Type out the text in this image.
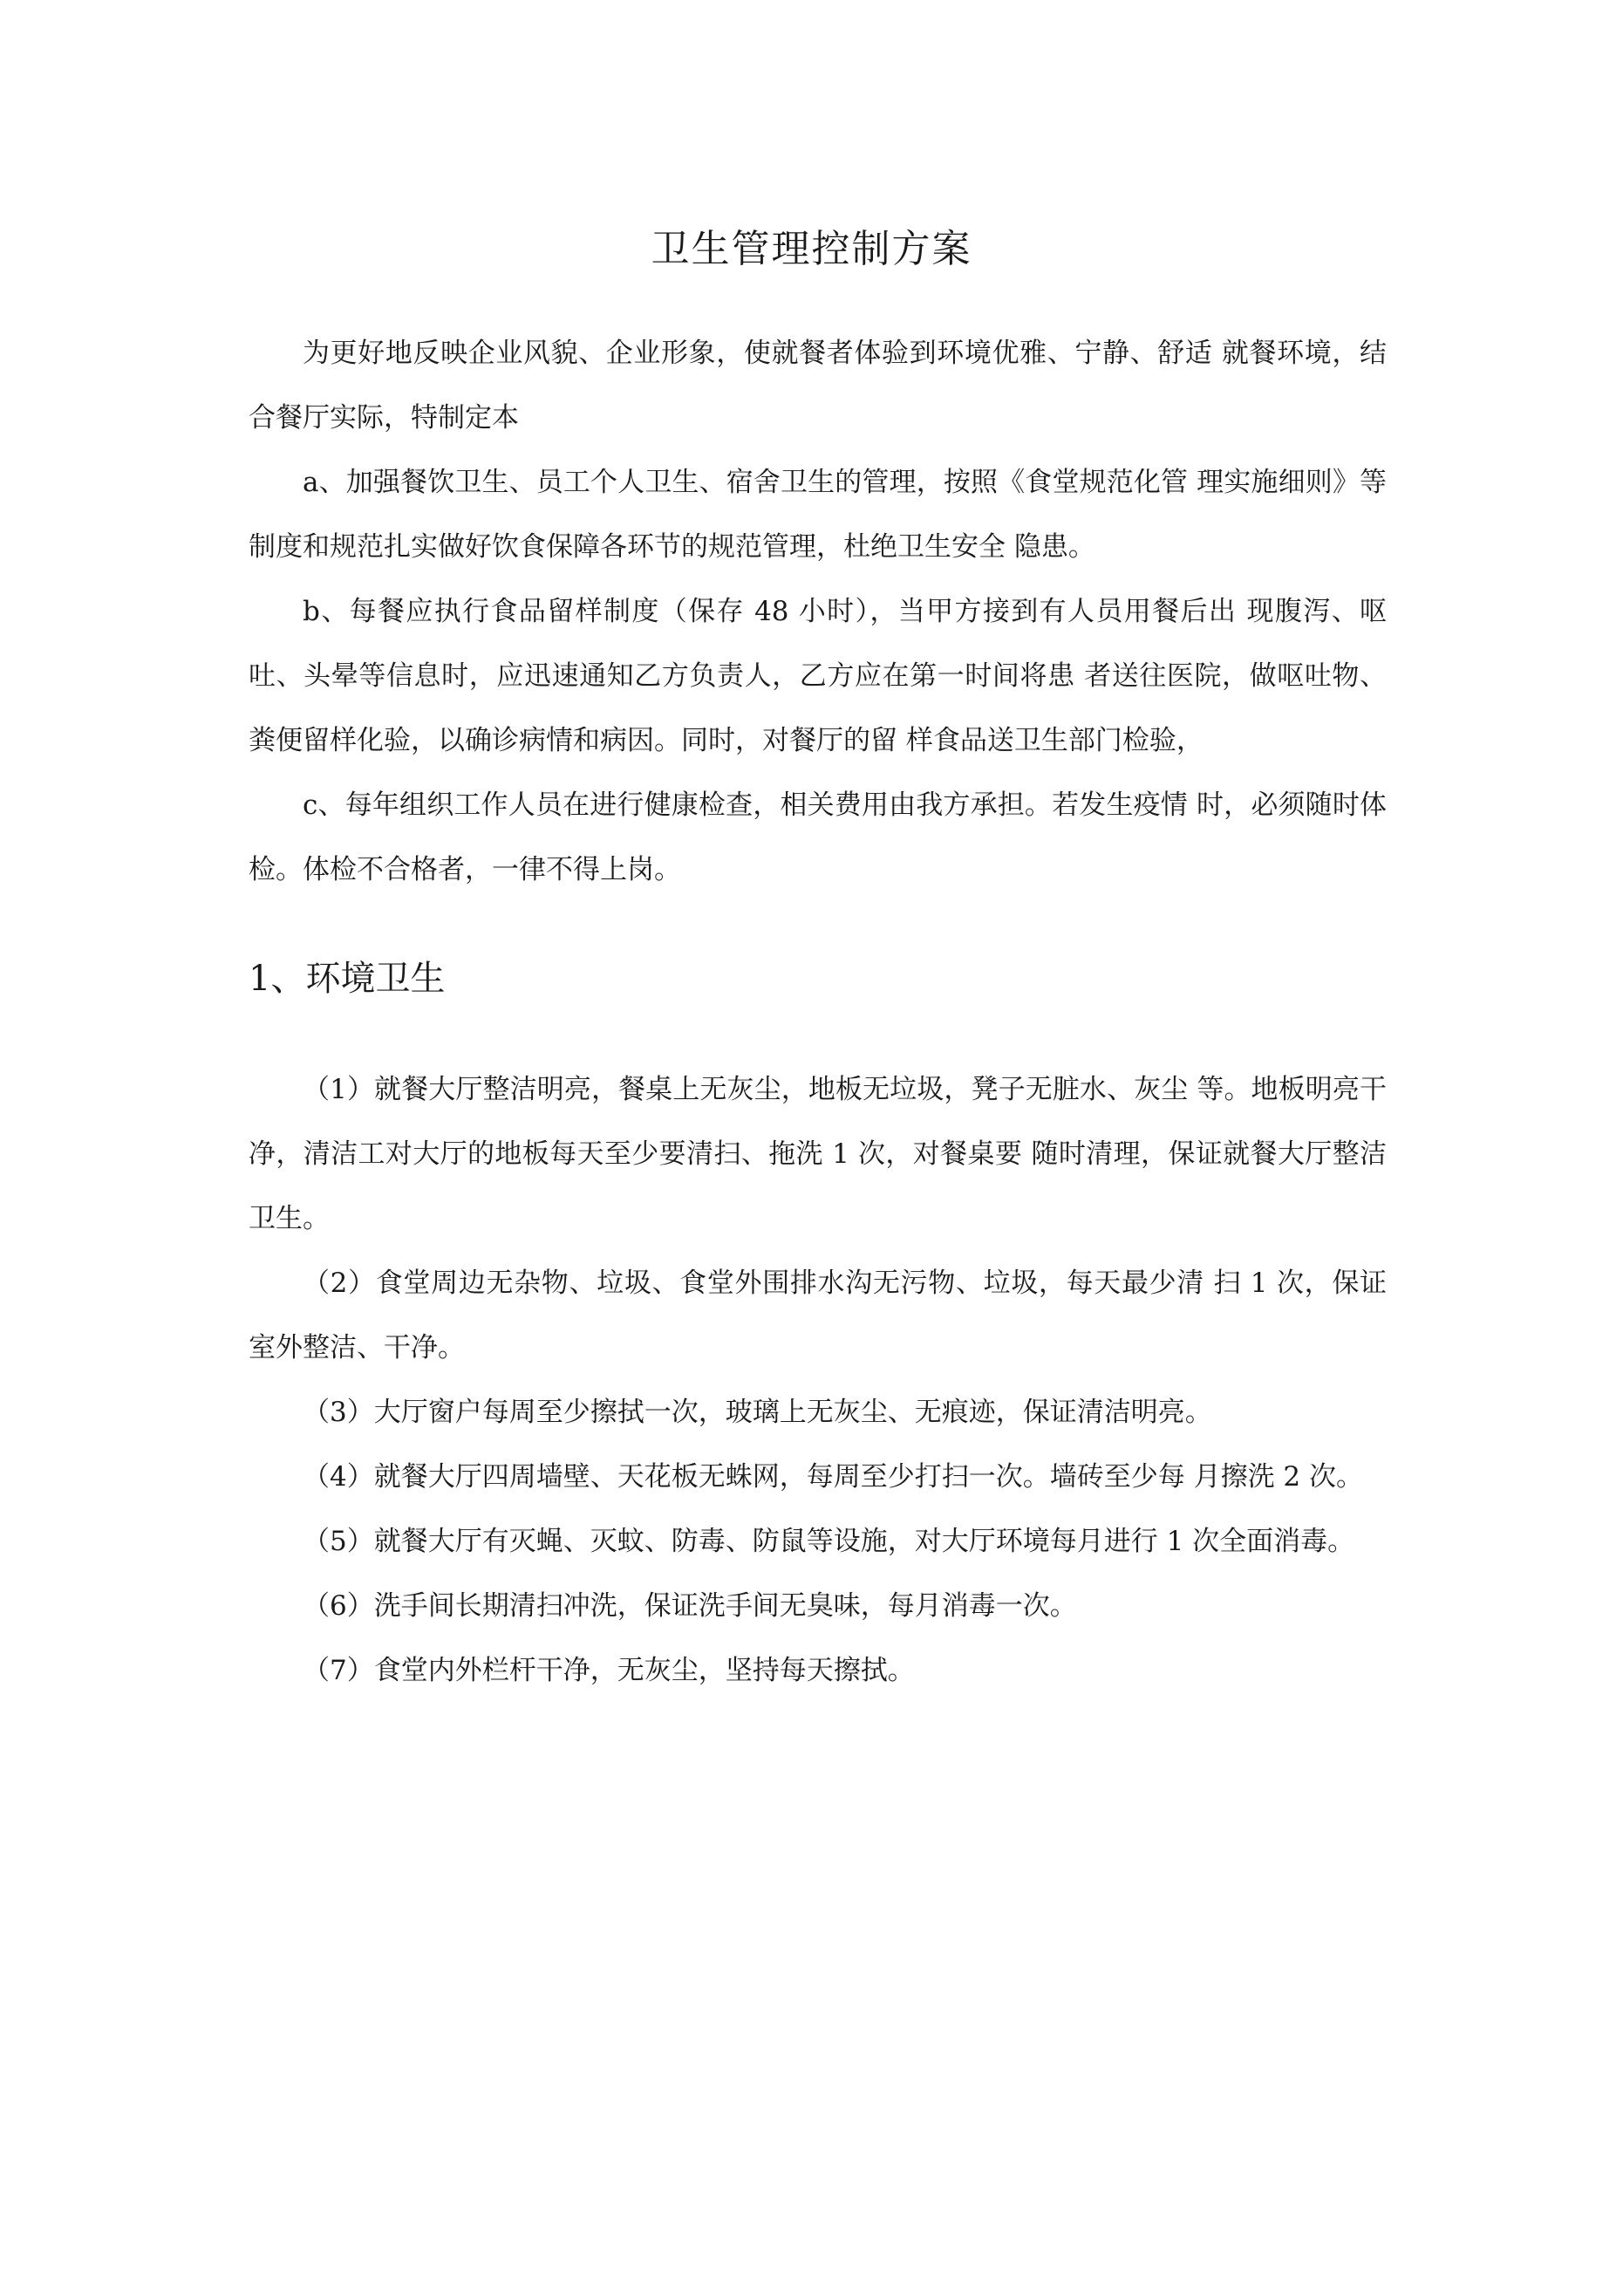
卫生管理控制方案

为更好地反映企业风貌、企业形象，使就餐者体验到环境优雅、宁静、舒适 就餐环境，结合餐厅实际，特制定本

a、加强餐饮卫生、员工个人卫生、宿舍卫生的管理，按照《食堂规范化管 理实施细则》等制度和规范扎实做好饮食保障各环节的规范管理，杜绝卫生安全 隐患。

b、每餐应执行食品留样制度（保存 48 小时），当甲方接到有人员用餐后出 现腹泻、呕吐、头晕等信息时，应迅速通知乙方负责人，乙方应在第一时间将患 者送往医院，做呕吐物、粪便留样化验，以确诊病情和病因。同时，对餐厅的留 样食品送卫生部门检验，

c、每年组织工作人员在进行健康检查，相关费用由我方承担。若发生疫情 时，必须随时体检。体检不合格者，一律不得上岗。

1、环境卫生

（1）就餐大厅整洁明亮，餐桌上无灰尘，地板无垃圾，凳子无脏水、灰尘 等。地板明亮干净，清洁工对大厅的地板每天至少要清扫、拖洗 1 次，对餐桌要 随时清理，保证就餐大厅整洁卫生。

（2）食堂周边无杂物、垃圾、食堂外围排水沟无污物、垃圾，每天最少清 扫 1 次，保证室外整洁、干净。

（3）大厅窗户每周至少擦拭一次，玻璃上无灰尘、无痕迹，保证清洁明亮。

（4）就餐大厅四周墙壁、天花板无蛛网，每周至少打扫一次。墙砖至少每 月擦洗 2 次。

（5）就餐大厅有灭蝇、灭蚊、防毒、防鼠等设施，对大厅环境每月进行 1 次全面消毒。

（6）洗手间长期清扫冲洗，保证洗手间无臭味，每月消毒一次。

（7）食堂内外栏杆干净，无灰尘，坚持每天擦拭。
